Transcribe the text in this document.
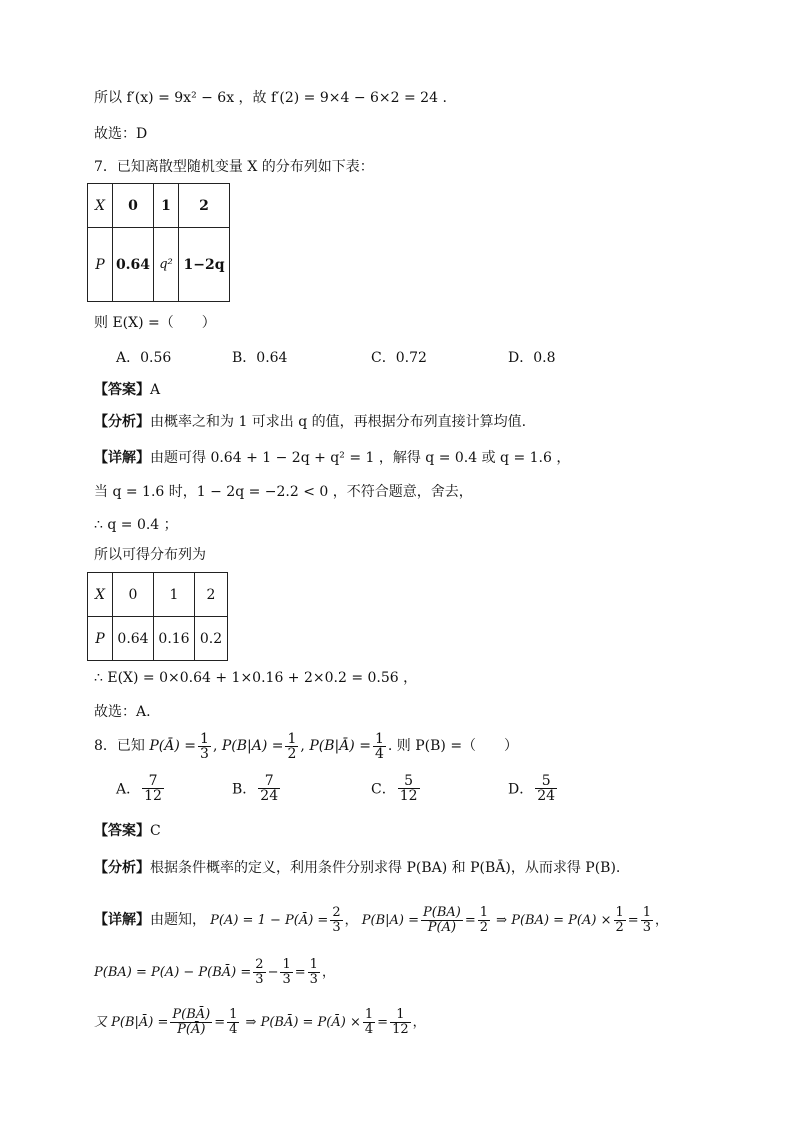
所以 f′(x) = 9x² − 6x ，故 f′(2) = 9×4 − 6×2 = 24 .
故选：D
7．已知离散型随机变量 X 的分布列如下表：
X	0	1	2
P	0.64	q²	1−2q
则 E(X) =（　　）
A．0.56	B．0.64	C．0.72	D．0.8
【答案】A
【分析】由概率之和为 1 可求出 q 的值，再根据分布列直接计算均值.
【详解】由题可得 0.64 + 1 − 2q + q² = 1 ，解得 q = 0.4 或 q = 1.6 ，
当 q = 1.6 时，1 − 2q = −2.2 < 0 ，不符合题意，舍去，
∴ q = 0.4 ；
所以可得分布列为
X	0	1	2
P	0.64	0.16	0.2
∴ E(X) = 0×0.64 + 1×0.16 + 2×0.2 = 0.56 ，
故选：A.
8．已知 P(Ā) = $\frac{1}{3}$ , $P(B|A) = \frac{1}{2}$ , P(B|Ā) = $\frac{1}{4}$ . 则 P(B) =（　　）
A． $\frac{7}{12}$	B． $\frac{7}{24}$	C． $\frac{5}{12}$	D． $\frac{5}{24}$
【答案】C
【分析】根据条件概率的定义，利用条件分别求得 P(BA) 和 P(BĀ)，从而求得 P(B).
【详解】由题知， P(A) = 1 − P(Ā) = $\frac{2}{3}$ ， $P(B|A) = \frac{P(BA)}{P(A)} = \frac{1}{2}$ ⇒ $P(BA) = P(A) \times \frac{1}{2} = \frac{1}{3}$ ，
P(BA) = P(A) − P(BĀ) = $\frac{2}{3} - \frac{1}{3} = \frac{1}{3}$ ，
又 P(B|Ā) = $\frac{P(BĀ)}{P(Ā)} = \frac{1}{4}$ ⇒ P(BĀ) = P(Ā) × $\frac{1}{4} = \frac{1}{12}$ ，
